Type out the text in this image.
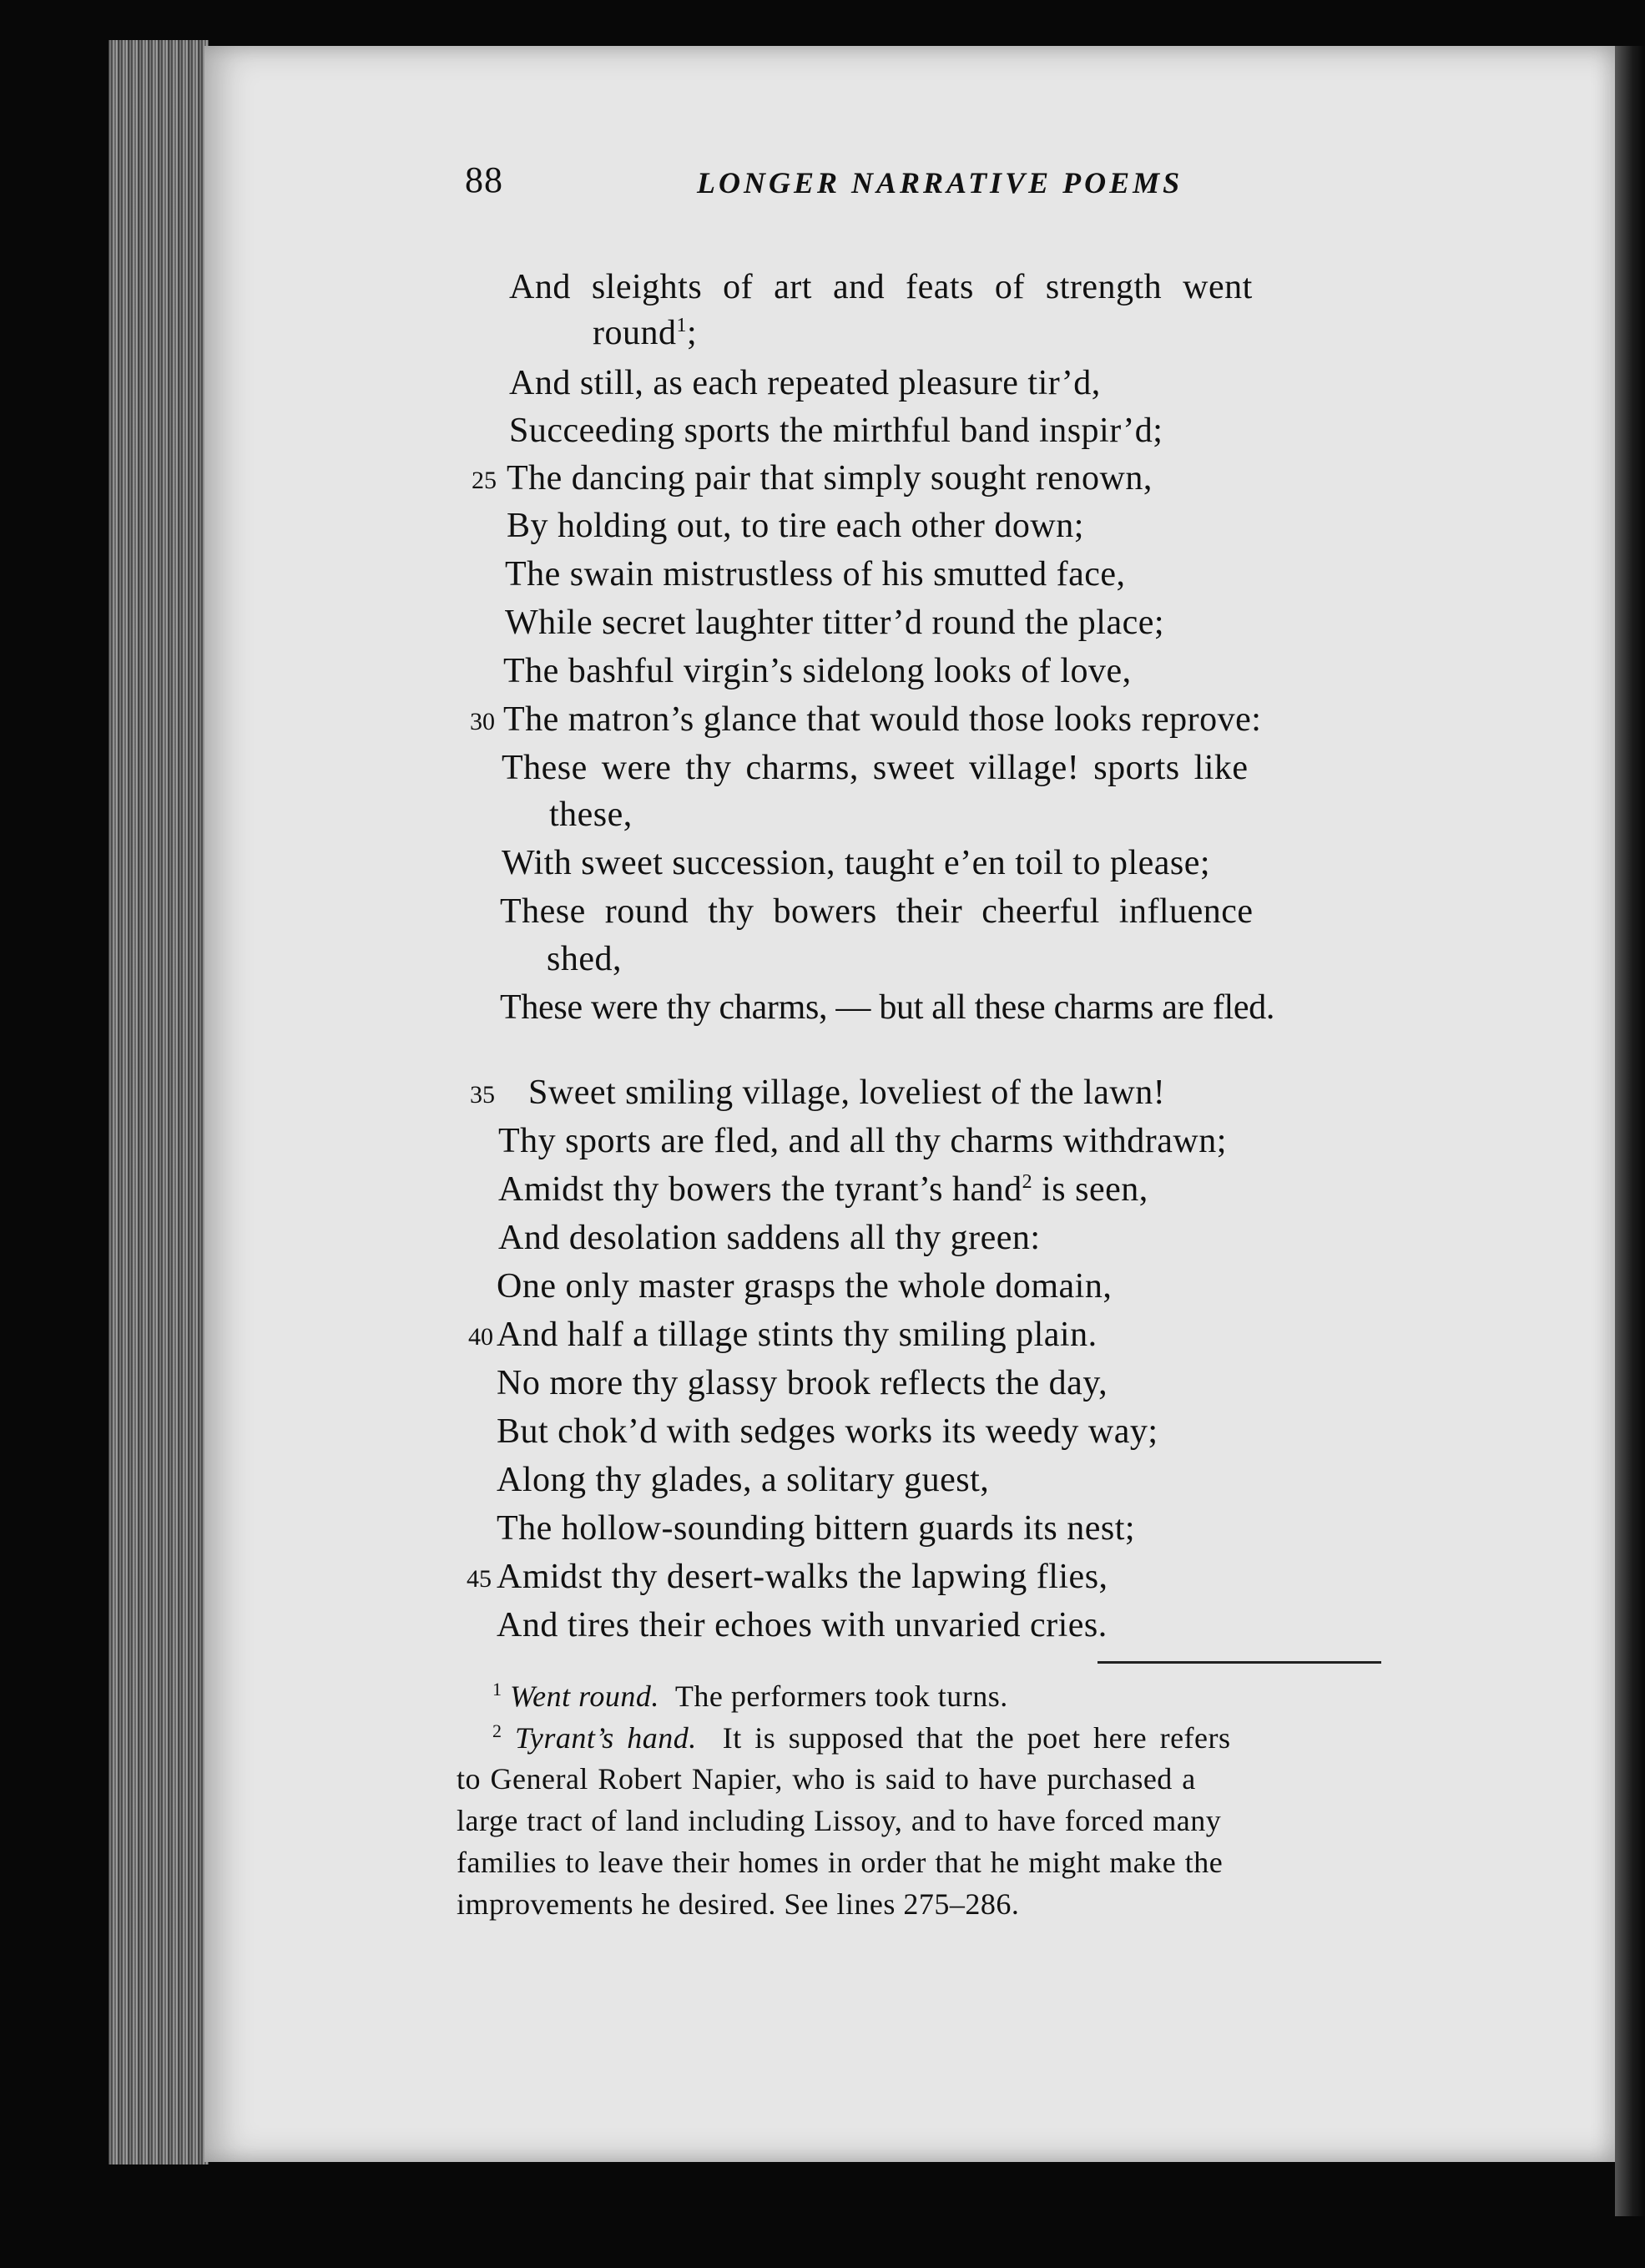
88	LONGER NARRATIVE POEMS
And sleights of art and feats of strength went
round$^1$;
And still, as each repeated pleasure tir’d,
Succeeding sports the mirthful band inspir’d;
25 The dancing pair that simply sought renown,
By holding out, to tire each other down;
The swain mistrustless of his smutted face,
While secret laughter titter’d round the place;
The bashful virgin’s sidelong looks of love,
30 The matron’s glance that would those looks reprove:
These were thy charms, sweet village! sports like
these,
With sweet succession, taught e’en toil to please;
These round thy bowers their cheerful influence
shed,
These were thy charms, — but all these charms are fled.
35 Sweet smiling village, loveliest of the lawn!
Thy sports are fled, and all thy charms withdrawn;
Amidst thy bowers the tyrant’s hand$^2$ is seen,
And desolation saddens all thy green:
One only master grasps the whole domain,
40 And half a tillage stints thy smiling plain.
No more thy glassy brook reflects the day,
But chok’d with sedges works its weedy way;
Along thy glades, a solitary guest,
The hollow-sounding bittern guards its nest;
45 Amidst thy desert-walks the lapwing flies,
And tires their echoes with unvaried cries.
$^1$ Went round. The performers took turns.
$^2$ Tyrant’s hand. It is supposed that the poet here refers
to General Robert Napier, who is said to have purchased a
large tract of land including Lissoy, and to have forced many
families to leave their homes in order that he might make the
improvements he desired. See lines 275–286.
